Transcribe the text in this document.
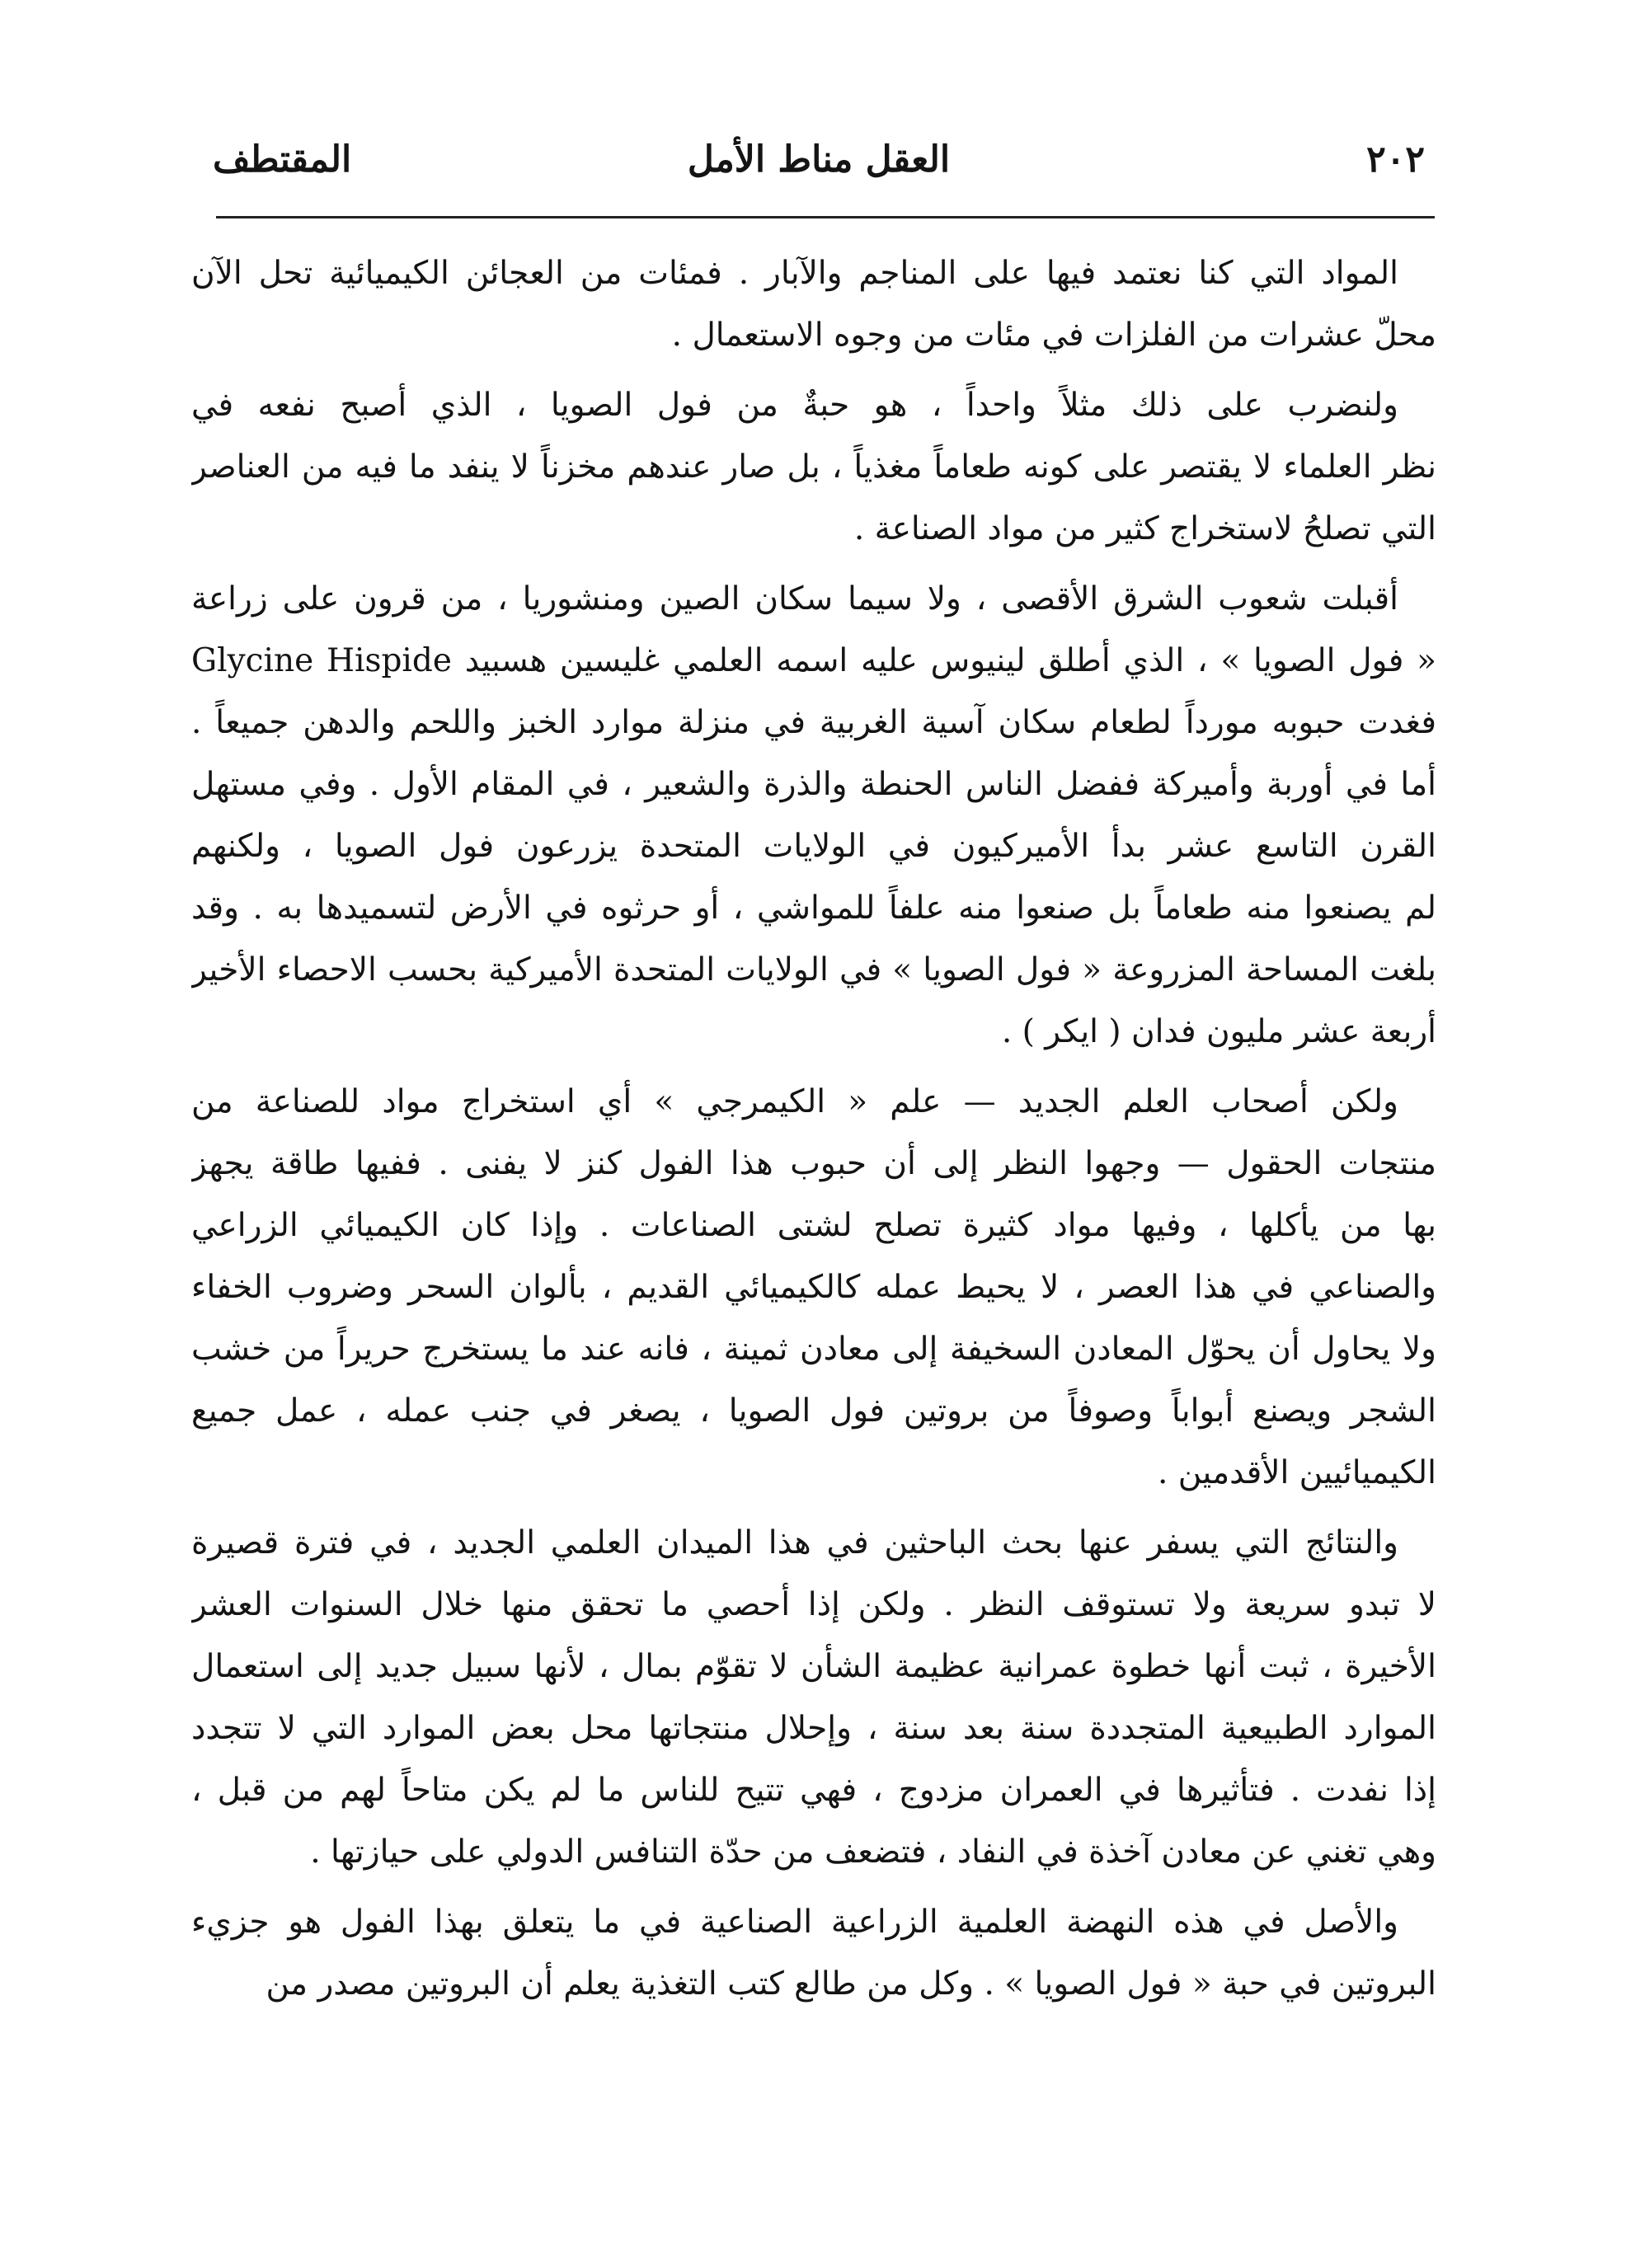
٢٠٢
العقل مناط الأمل
المقتطف
المواد التي كنا نعتمد فيها على المناجم والآبار . فمئات من العجائن الكيميائية تحل الآن
محلّ عشرات من الفلزات في مئات من وجوه الاستعمال .
ولنضرب على ذلك مثلاً واحداً ، هو حبةٌ من فول الصويا ، الذي أصبح نفعه في
نظر العلماء لا يقتصر على كونه طعاماً مغذياً ، بل صار عندهم مخزناً لا ينفد ما فيه من العناصر
التي تصلحُ لاستخراج كثير من مواد الصناعة .
أقبلت شعوب الشرق الأقصى ، ولا سيما سكان الصين ومنشوريا ، من قرون على زراعة
« فول الصويا » ، الذي أطلق لينيوس عليه اسمه العلمي غليسين هسبيد Glycine Hispide
فغدت حبوبه مورداً لطعام سكان آسية الغربية في منزلة موارد الخبز واللحم والدهن جميعاً .
أما في أوربة وأميركة ففضل الناس الحنطة والذرة والشعير ، في المقام الأول . وفي مستهل
القرن التاسع عشر بدأ الأميركيون في الولايات المتحدة يزرعون فول الصويا ، ولكنهم
لم يصنعوا منه طعاماً بل صنعوا منه علفاً للمواشي ، أو حرثوه في الأرض لتسميدها به . وقد
بلغت المساحة المزروعة « فول الصويا » في الولايات المتحدة الأميركية بحسب الاحصاء الأخير
أربعة عشر مليون فدان ( ايكر ) .
ولكن أصحاب العلم الجديد — علم « الكيمرجي » أي استخراج مواد للصناعة من
منتجات الحقول — وجهوا النظر إلى أن حبوب هذا الفول كنز لا يفنى . ففيها طاقة يجهز
بها من يأكلها ، وفيها مواد كثيرة تصلح لشتى الصناعات . وإذا كان الكيميائي الزراعي
والصناعي في هذا العصر ، لا يحيط عمله كالكيميائي القديم ، بألوان السحر وضروب الخفاء
ولا يحاول أن يحوّل المعادن السخيفة إلى معادن ثمينة ، فانه عند ما يستخرج حريراً من خشب
الشجر ويصنع أبواباً وصوفاً من بروتين فول الصويا ، يصغر في جنب عمله ، عمل جميع
الكيميائيين الأقدمين .
والنتائج التي يسفر عنها بحث الباحثين في هذا الميدان العلمي الجديد ، في فترة قصيرة
لا تبدو سريعة ولا تستوقف النظر . ولكن إذا أحصي ما تحقق منها خلال السنوات العشر
الأخيرة ، ثبت أنها خطوة عمرانية عظيمة الشأن لا تقوّم بمال ، لأنها سبيل جديد إلى استعمال
الموارد الطبيعية المتجددة سنة بعد سنة ، وإحلال منتجاتها محل بعض الموارد التي لا تتجدد
إذا نفدت . فتأثيرها في العمران مزدوج ، فهي تتيح للناس ما لم يكن متاحاً لهم من قبل ،
وهي تغني عن معادن آخذة في النفاد ، فتضعف من حدّة التنافس الدولي على حيازتها .
والأصل في هذه النهضة العلمية الزراعية الصناعية في ما يتعلق بهذا الفول هو جزيء
البروتين في حبة « فول الصويا » . وكل من طالع كتب التغذية يعلم أن البروتين مصدر من
